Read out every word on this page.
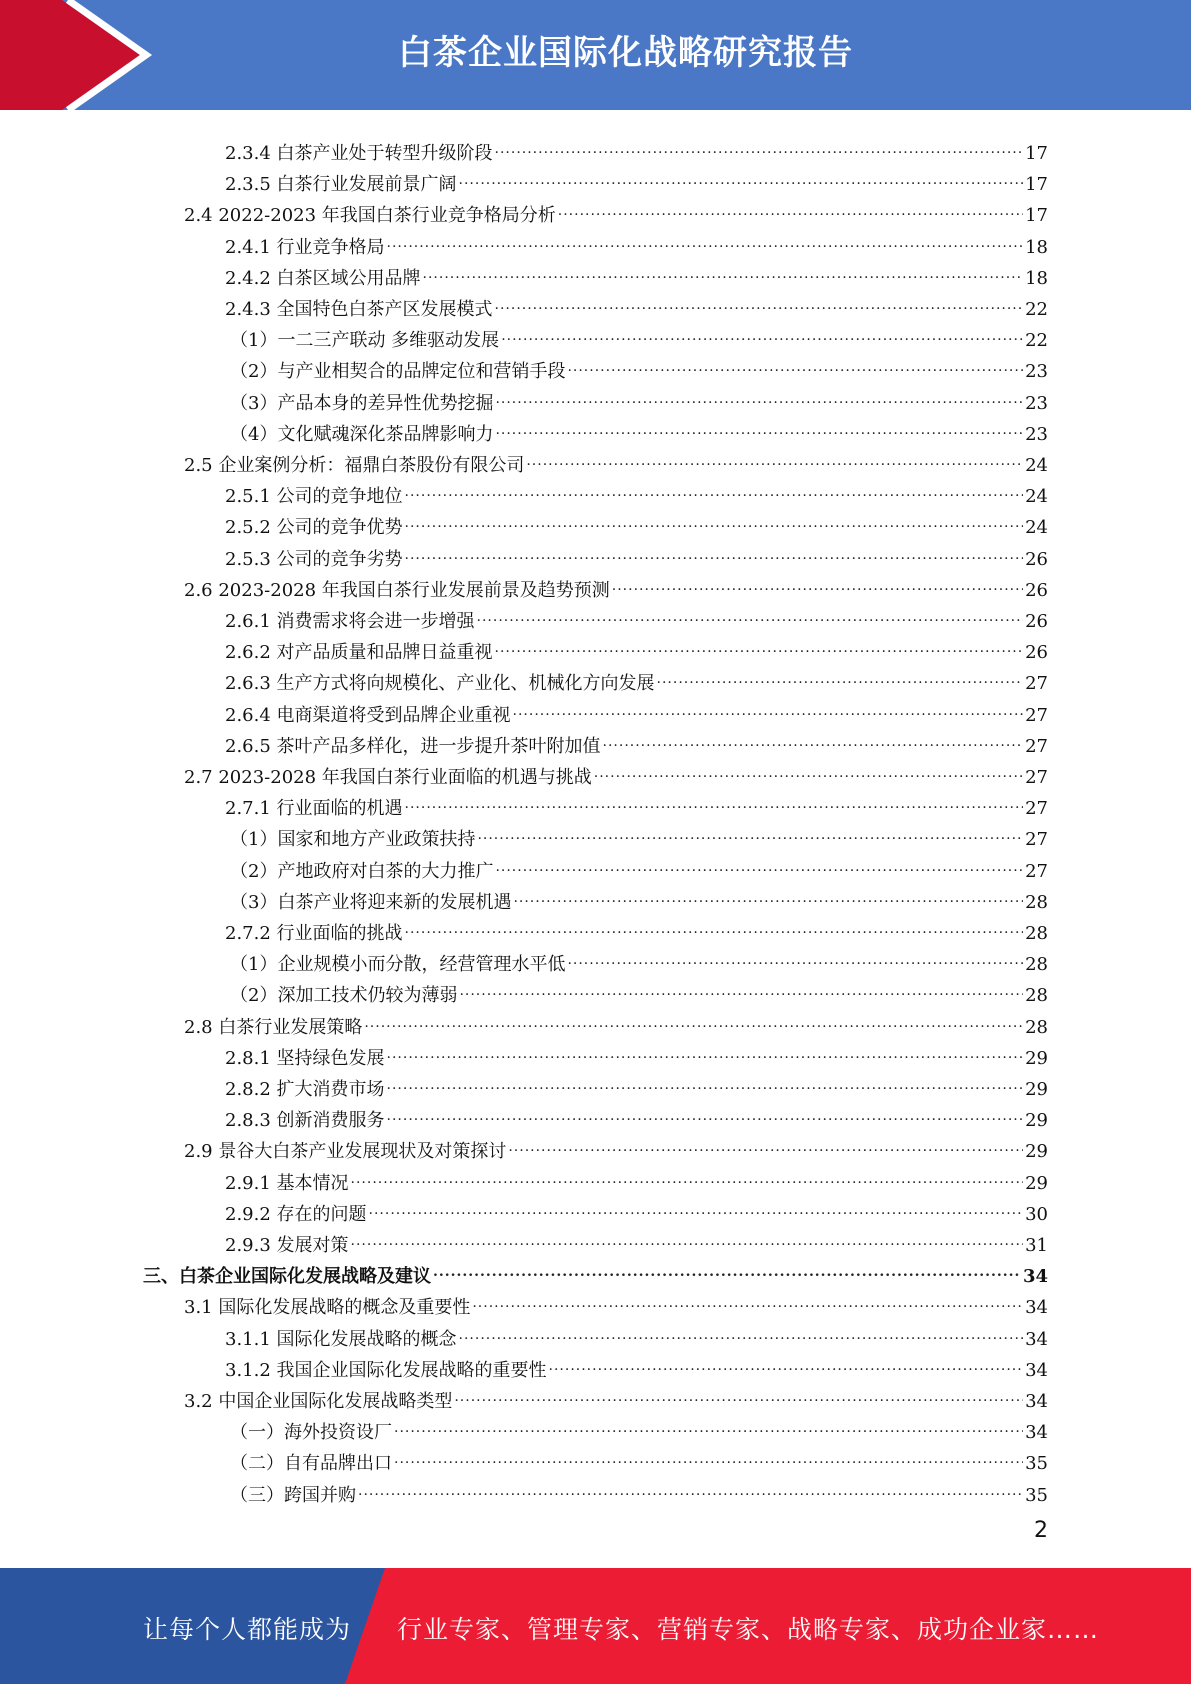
白茶企业国际化战略研究报告
2.3.4 白茶产业处于转型升级阶段 .....	17
2.3.5 白茶行业发展前景广阔 .....	17
2.4 2022-2023 年我国白茶行业竞争格局分析 .....	17
2.4.1 行业竞争格局 .....	18
2.4.2 白茶区域公用品牌 .....	18
2.4.3 全国特色白茶产区发展模式 .....	22
（1）一二三产联动 多维驱动发展 .....	22
（2）与产业相契合的品牌定位和营销手段 .....	23
（3）产品本身的差异性优势挖掘 .....	23
（4）文化赋魂深化茶品牌影响力 .....	23
2.5 企业案例分析：福鼎白茶股份有限公司 .....	24
2.5.1 公司的竞争地位 .....	24
2.5.2 公司的竞争优势 .....	24
2.5.3 公司的竞争劣势 .....	26
2.6 2023-2028 年我国白茶行业发展前景及趋势预测 .....	26
2.6.1 消费需求将会进一步增强 .....	26
2.6.2 对产品质量和品牌日益重视 .....	26
2.6.3 生产方式将向规模化、产业化、机械化方向发展 .....	27
2.6.4 电商渠道将受到品牌企业重视 .....	27
2.6.5 茶叶产品多样化，进一步提升茶叶附加值 .....	27
2.7 2023-2028 年我国白茶行业面临的机遇与挑战 .....	27
2.7.1 行业面临的机遇 .....	27
（1）国家和地方产业政策扶持 .....	27
（2）产地政府对白茶的大力推广 .....	27
（3）白茶产业将迎来新的发展机遇 .....	28
2.7.2 行业面临的挑战 .....	28
（1）企业规模小而分散，经营管理水平低 .....	28
（2）深加工技术仍较为薄弱 .....	28
2.8 白茶行业发展策略 .....	28
2.8.1 坚持绿色发展 .....	29
2.8.2 扩大消费市场 .....	29
2.8.3 创新消费服务 .....	29
2.9 景谷大白茶产业发展现状及对策探讨 .....	29
2.9.1 基本情况 .....	29
2.9.2 存在的问题 .....	30
2.9.3 发展对策 .....	31
三、白茶企业国际化发展战略及建议 .....	34
3.1 国际化发展战略的概念及重要性 .....	34
3.1.1 国际化发展战略的概念 .....	34
3.1.2 我国企业国际化发展战略的重要性 .....	34
3.2 中国企业国际化发展战略类型 .....	34
（一）海外投资设厂 .....	34
（二）自有品牌出口 .....	35
（三）跨国并购 .....	35
2
让每个人都能成为 行业专家、管理专家、营销专家、战略专家、成功企业家……
